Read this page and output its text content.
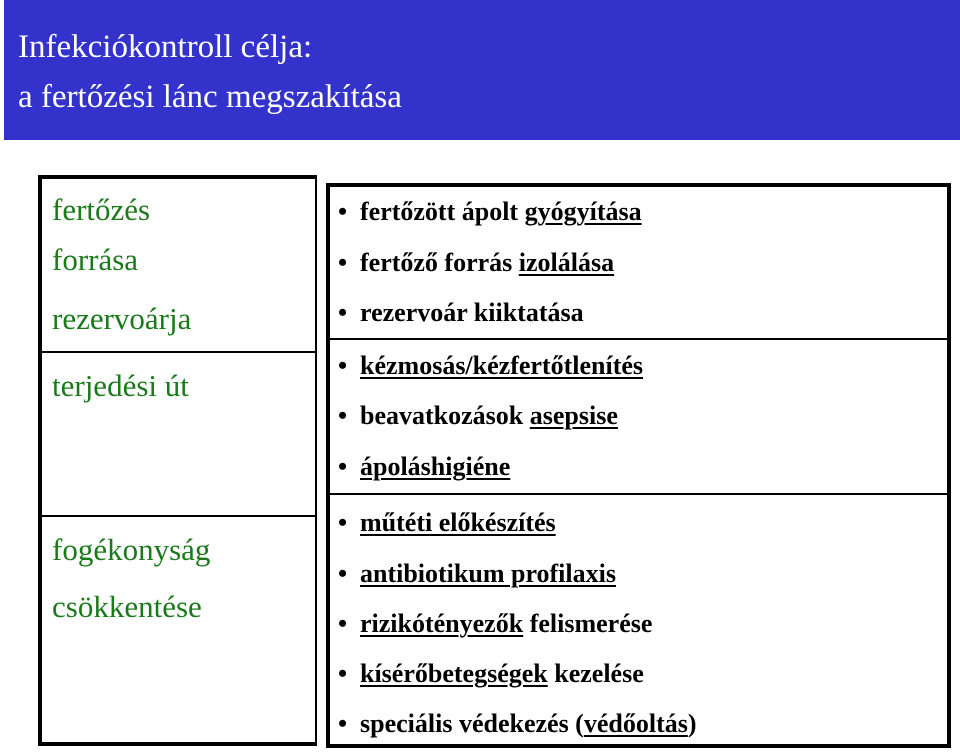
Infekciókontroll célja:
a fertőzési lánc megszakítása
fertőzés
forrása
rezervoárja
terjedési út
fogékonyság
csökkentése
• fertőzött ápolt gyógyítása
• fertőző forrás izolálása
• rezervoár kiiktatása
• kézmosás/kézfertőtlenítés
• beavatkozások asepsise
• ápoláshigiéne
• műtéti előkészítés
• antibiotikum profilaxis
• rizikótényezők felismerése
• kísérőbetegségek kezelése
• speciális védekezés (védőoltás)
